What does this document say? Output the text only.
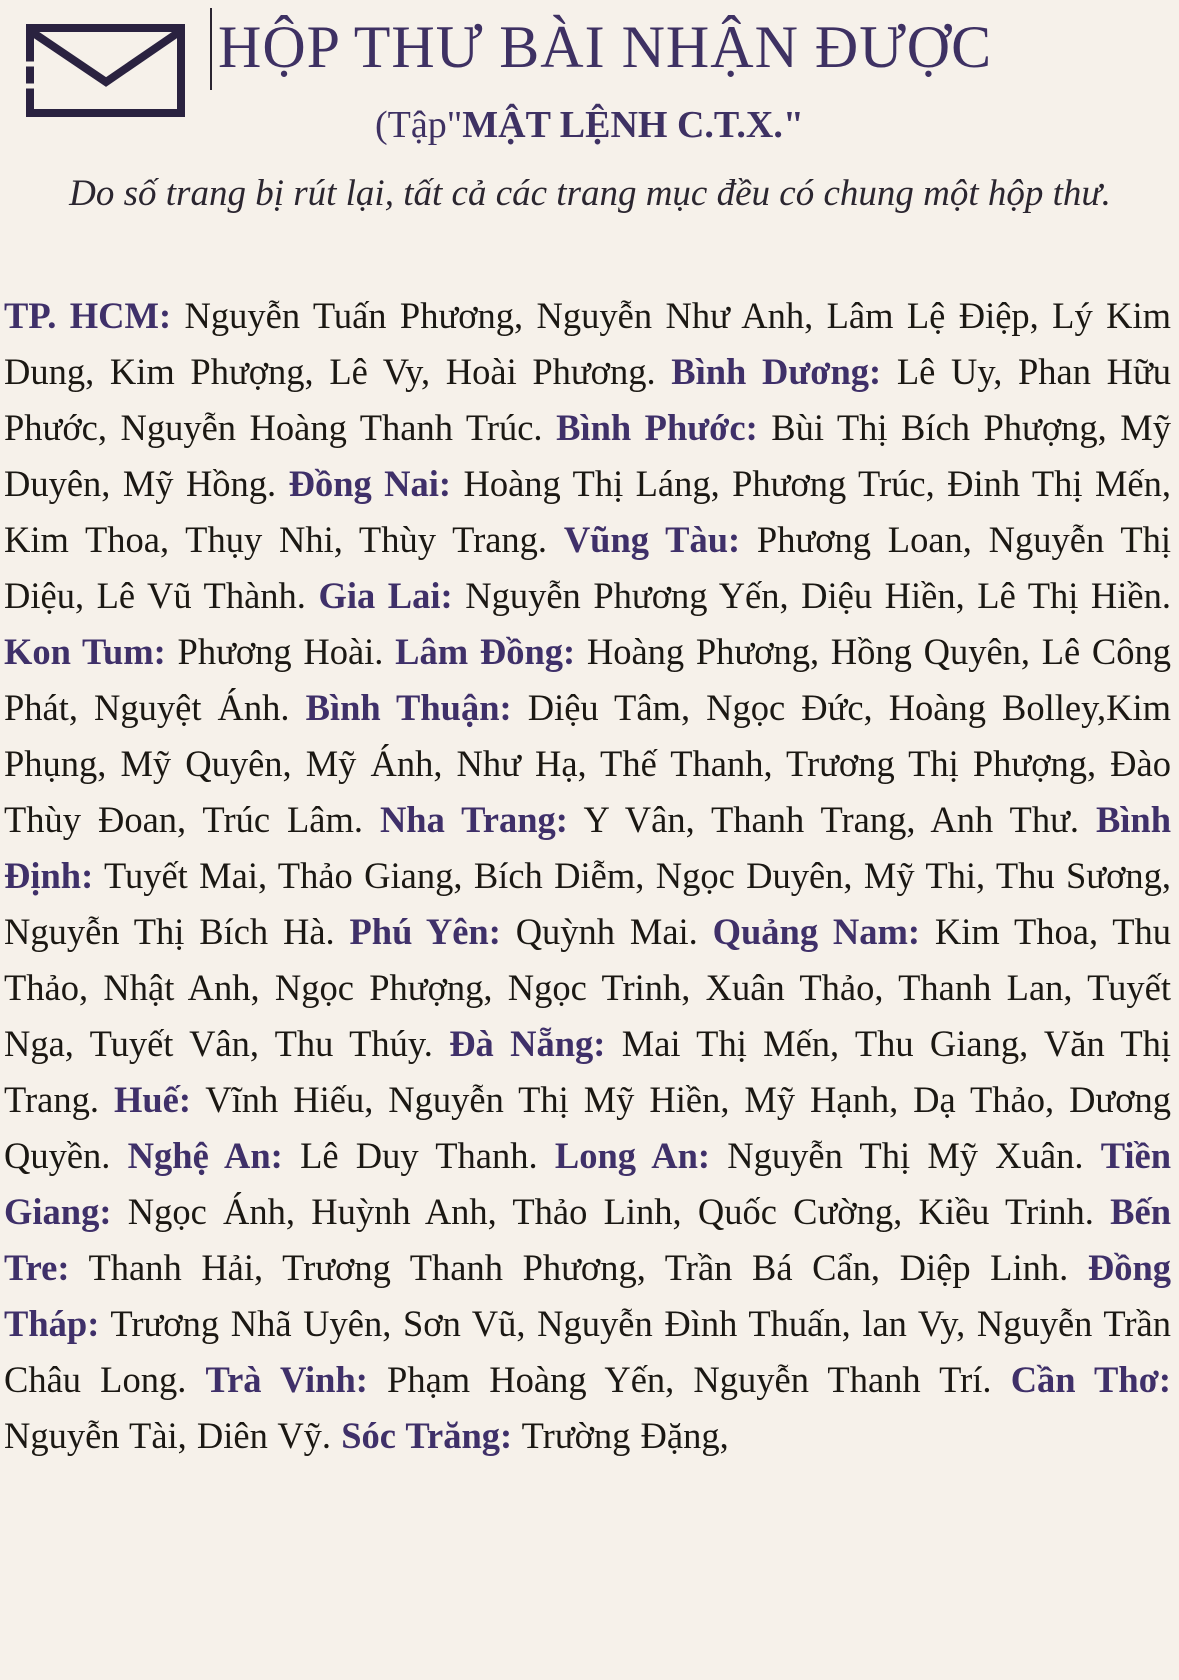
HỘP THƯ BÀI NHẬN ĐƯỢC
(Tập"MẬT LỆNH C.T.X."

Do số trang bị rút lại, tất cả các trang mục đều có chung một hộp thư.

TP. HCM: Nguyễn Tuấn Phương, Nguyễn Như Anh, Lâm Lệ Điệp, Lý Kim Dung, Kim Phượng, Lê Vy, Hoài Phương. Bình Dương: Lê Uy, Phan Hữu Phước, Nguyễn Hoàng Thanh Trúc. Bình Phước: Bùi Thị Bích Phượng, Mỹ Duyên, Mỹ Hồng. Đồng Nai: Hoàng Thị Láng, Phương Trúc, Đinh Thị Mến, Kim Thoa, Thụy Nhi, Thùy Trang. Vũng Tàu: Phương Loan, Nguyễn Thị Diệu, Lê Vũ Thành. Gia Lai: Nguyễn Phương Yến, Diệu Hiền, Lê Thị Hiền. Kon Tum: Phương Hoài. Lâm Đồng: Hoàng Phương, Hồng Quyên, Lê Công Phát, Nguyệt Ánh. Bình Thuận: Diệu Tâm, Ngọc Đức, Hoàng Bolley,Kim Phụng, Mỹ Quyên, Mỹ Ánh, Như Hạ, Thế Thanh, Trương Thị Phượng, Đào Thùy Đoan, Trúc Lâm. Nha Trang: Y Vân, Thanh Trang, Anh Thư. Bình Định: Tuyết Mai, Thảo Giang, Bích Diễm, Ngọc Duyên, Mỹ Thi, Thu Sương, Nguyễn Thị Bích Hà. Phú Yên: Quỳnh Mai. Quảng Nam: Kim Thoa, Thu Thảo, Nhật Anh, Ngọc Phượng, Ngọc Trinh, Xuân Thảo, Thanh Lan, Tuyết Nga, Tuyết Vân, Thu Thúy. Đà Nẵng: Mai Thị Mến, Thu Giang, Văn Thị Trang. Huế: Vĩnh Hiếu, Nguyễn Thị Mỹ Hiền, Mỹ Hạnh, Dạ Thảo, Dương Quyền. Nghệ An: Lê Duy Thanh. Long An: Nguyễn Thị Mỹ Xuân. Tiền Giang: Ngọc Ánh, Huỳnh Anh, Thảo Linh, Quốc Cường, Kiều Trinh. Bến Tre: Thanh Hải, Trương Thanh Phương, Trần Bá Cẩn, Diệp Linh. Đồng Tháp: Trương Nhã Uyên, Sơn Vũ, Nguyễn Đình Thuấn, lan Vy, Nguyễn Trần Châu Long. Trà Vinh: Phạm Hoàng Yến, Nguyễn Thanh Trí. Cần Thơ: Nguyễn Tài, Diên Vỹ. Sóc Trăng: Trường Đặng,
